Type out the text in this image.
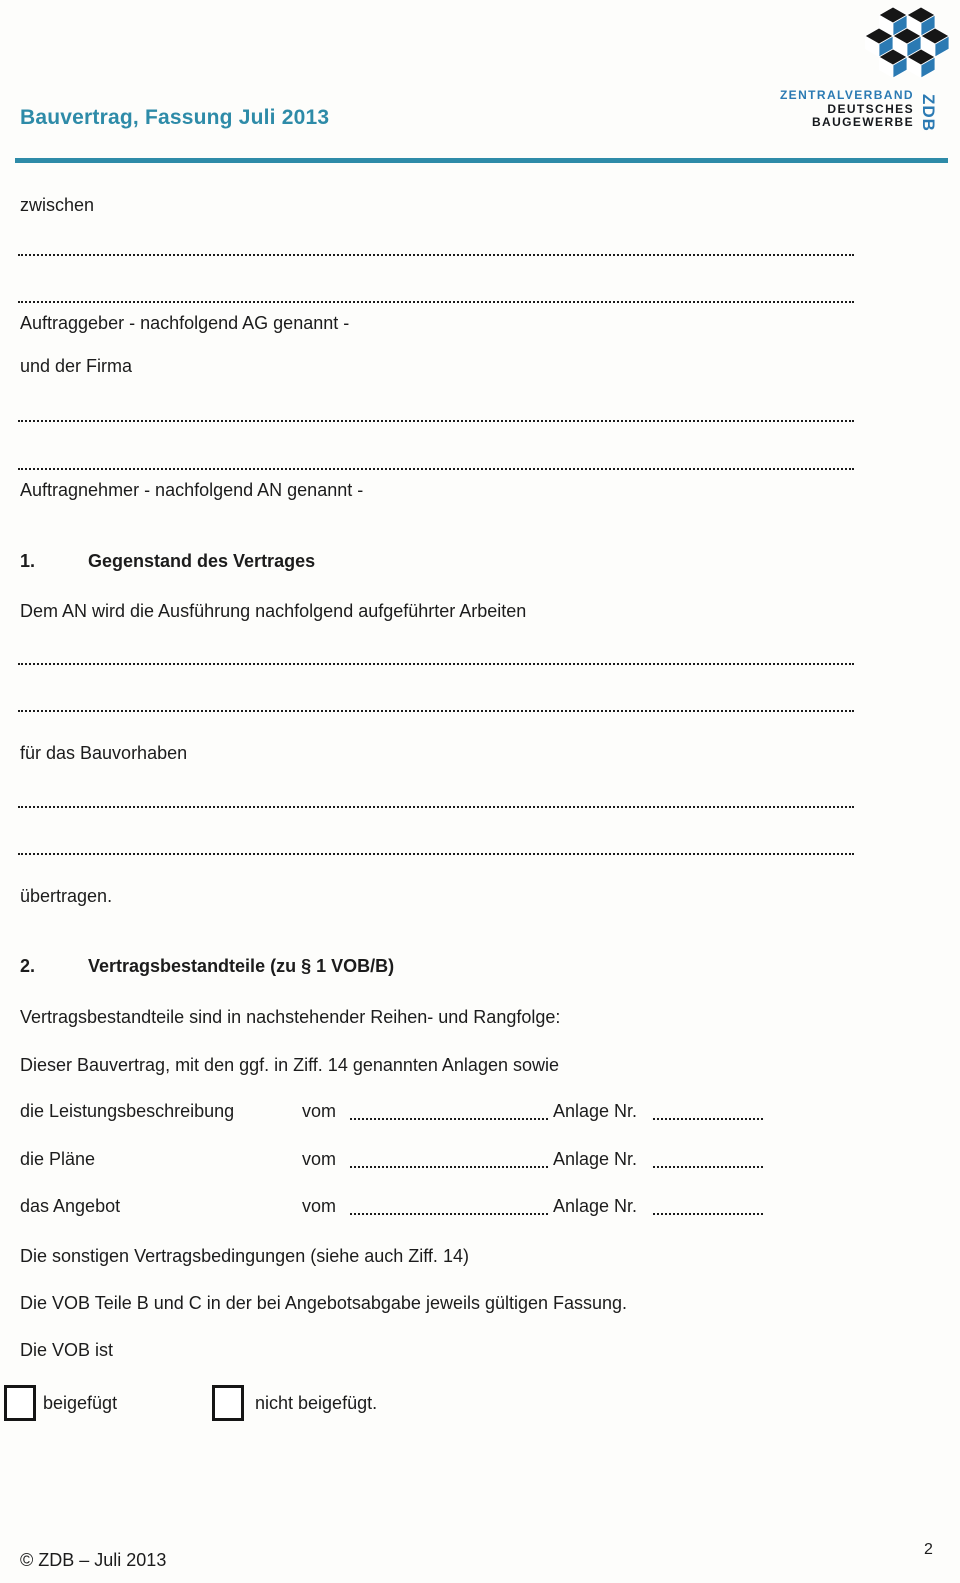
Bauvertrag, Fassung Juli 2013
ZENTRALVERBAND
DEUTSCHES
BAUGEWERBE ZDB
zwischen
Auftraggeber - nachfolgend AG genannt -
und der Firma
Auftragnehmer - nachfolgend AN genannt -
1.	Gegenstand des Vertrages
Dem AN wird die Ausführung nachfolgend aufgeführter Arbeiten
für das Bauvorhaben
übertragen.
2.	Vertragsbestandteile (zu § 1 VOB/B)
Vertragsbestandteile sind in nachstehender Reihen- und Rangfolge:
Dieser Bauvertrag, mit den ggf. in Ziff. 14 genannten Anlagen sowie
die Leistungsbeschreibung	vom	Anlage Nr.
die Pläne	vom	Anlage Nr.
das Angebot	vom	Anlage Nr.
Die sonstigen Vertragsbedingungen (siehe auch Ziff. 14)
Die VOB Teile B und C in der bei Angebotsabgabe jeweils gültigen Fassung.
Die VOB ist
beigefügt	nicht beigefügt.
© ZDB – Juli 2013
2
